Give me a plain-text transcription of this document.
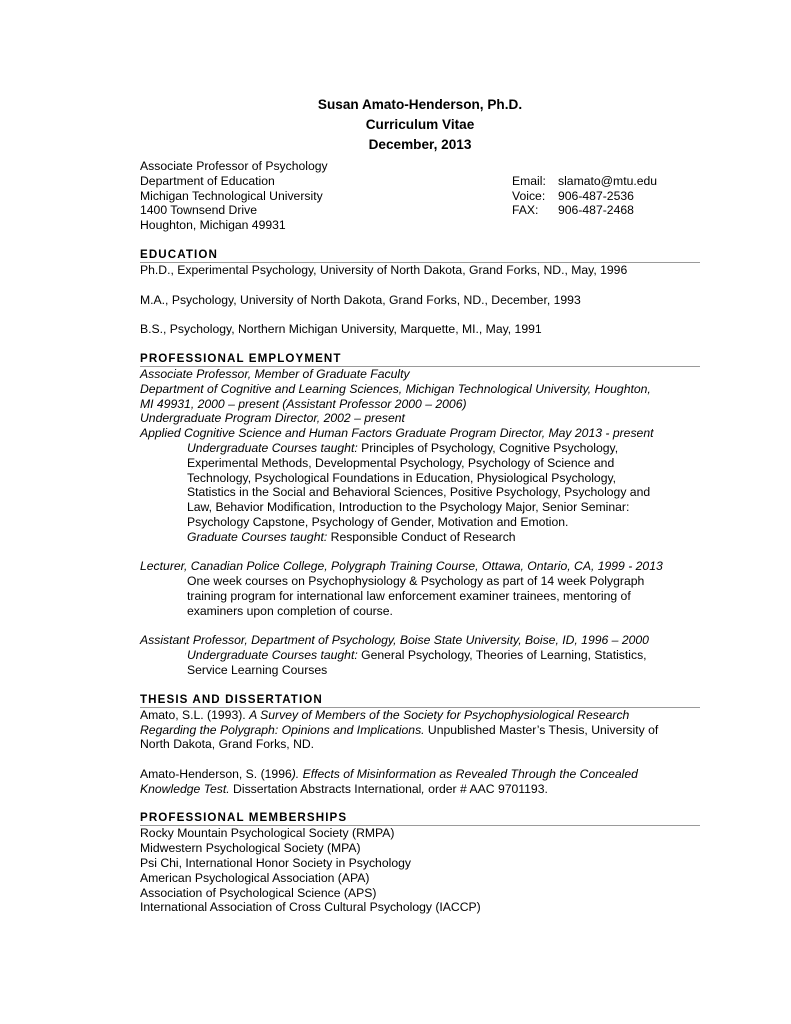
Susan Amato-Henderson, Ph.D.
Curriculum Vitae
December, 2013
Associate Professor of Psychology
Department of Education
Michigan Technological University
1400 Townsend Drive
Houghton, Michigan 49931
Email: slamato@mtu.edu
Voice:	906-487-2536
FAX:	906-487-2468
EDUCATION
Ph.D., Experimental Psychology, University of North Dakota, Grand Forks, ND., May, 1996
M.A., Psychology, University of North Dakota, Grand Forks, ND., December, 1993
B.S., Psychology, Northern Michigan University, Marquette, MI., May, 1991
PROFESSIONAL EMPLOYMENT
Associate Professor, Member of Graduate Faculty
Department of Cognitive and Learning Sciences, Michigan Technological University, Houghton,
MI 49931, 2000 – present (Assistant Professor 2000 – 2006)
Undergraduate Program Director, 2002 – present
Applied Cognitive Science and Human Factors Graduate Program Director, May 2013 - present
Undergraduate Courses taught: Principles of Psychology, Cognitive Psychology,
Experimental Methods, Developmental Psychology, Psychology of Science and
Technology, Psychological Foundations in Education, Physiological Psychology,
Statistics in the Social and Behavioral Sciences, Positive Psychology, Psychology and
Law, Behavior Modification, Introduction to the Psychology Major, Senior Seminar:
Psychology Capstone, Psychology of Gender, Motivation and Emotion.
Graduate Courses taught: Responsible Conduct of Research
Lecturer, Canadian Police College, Polygraph Training Course, Ottawa, Ontario, CA, 1999 - 2013
One week courses on Psychophysiology & Psychology as part of 14 week Polygraph
training program for international law enforcement examiner trainees, mentoring of
examiners upon completion of course.
Assistant Professor, Department of Psychology, Boise State University, Boise, ID, 1996 – 2000
Undergraduate Courses taught: General Psychology, Theories of Learning, Statistics,
Service Learning Courses
THESIS AND DISSERTATION
Amato, S.L. (1993). A Survey of Members of the Society for Psychophysiological Research
Regarding the Polygraph: Opinions and Implications. Unpublished Master’s Thesis, University of
North Dakota, Grand Forks, ND.
Amato-Henderson, S. (1996). Effects of Misinformation as Revealed Through the Concealed
Knowledge Test. Dissertation Abstracts International, order # AAC 9701193.
PROFESSIONAL MEMBERSHIPS
Rocky Mountain Psychological Society (RMPA)
Midwestern Psychological Society (MPA)
Psi Chi, International Honor Society in Psychology
American Psychological Association (APA)
Association of Psychological Science (APS)
International Association of Cross Cultural Psychology (IACCP)
